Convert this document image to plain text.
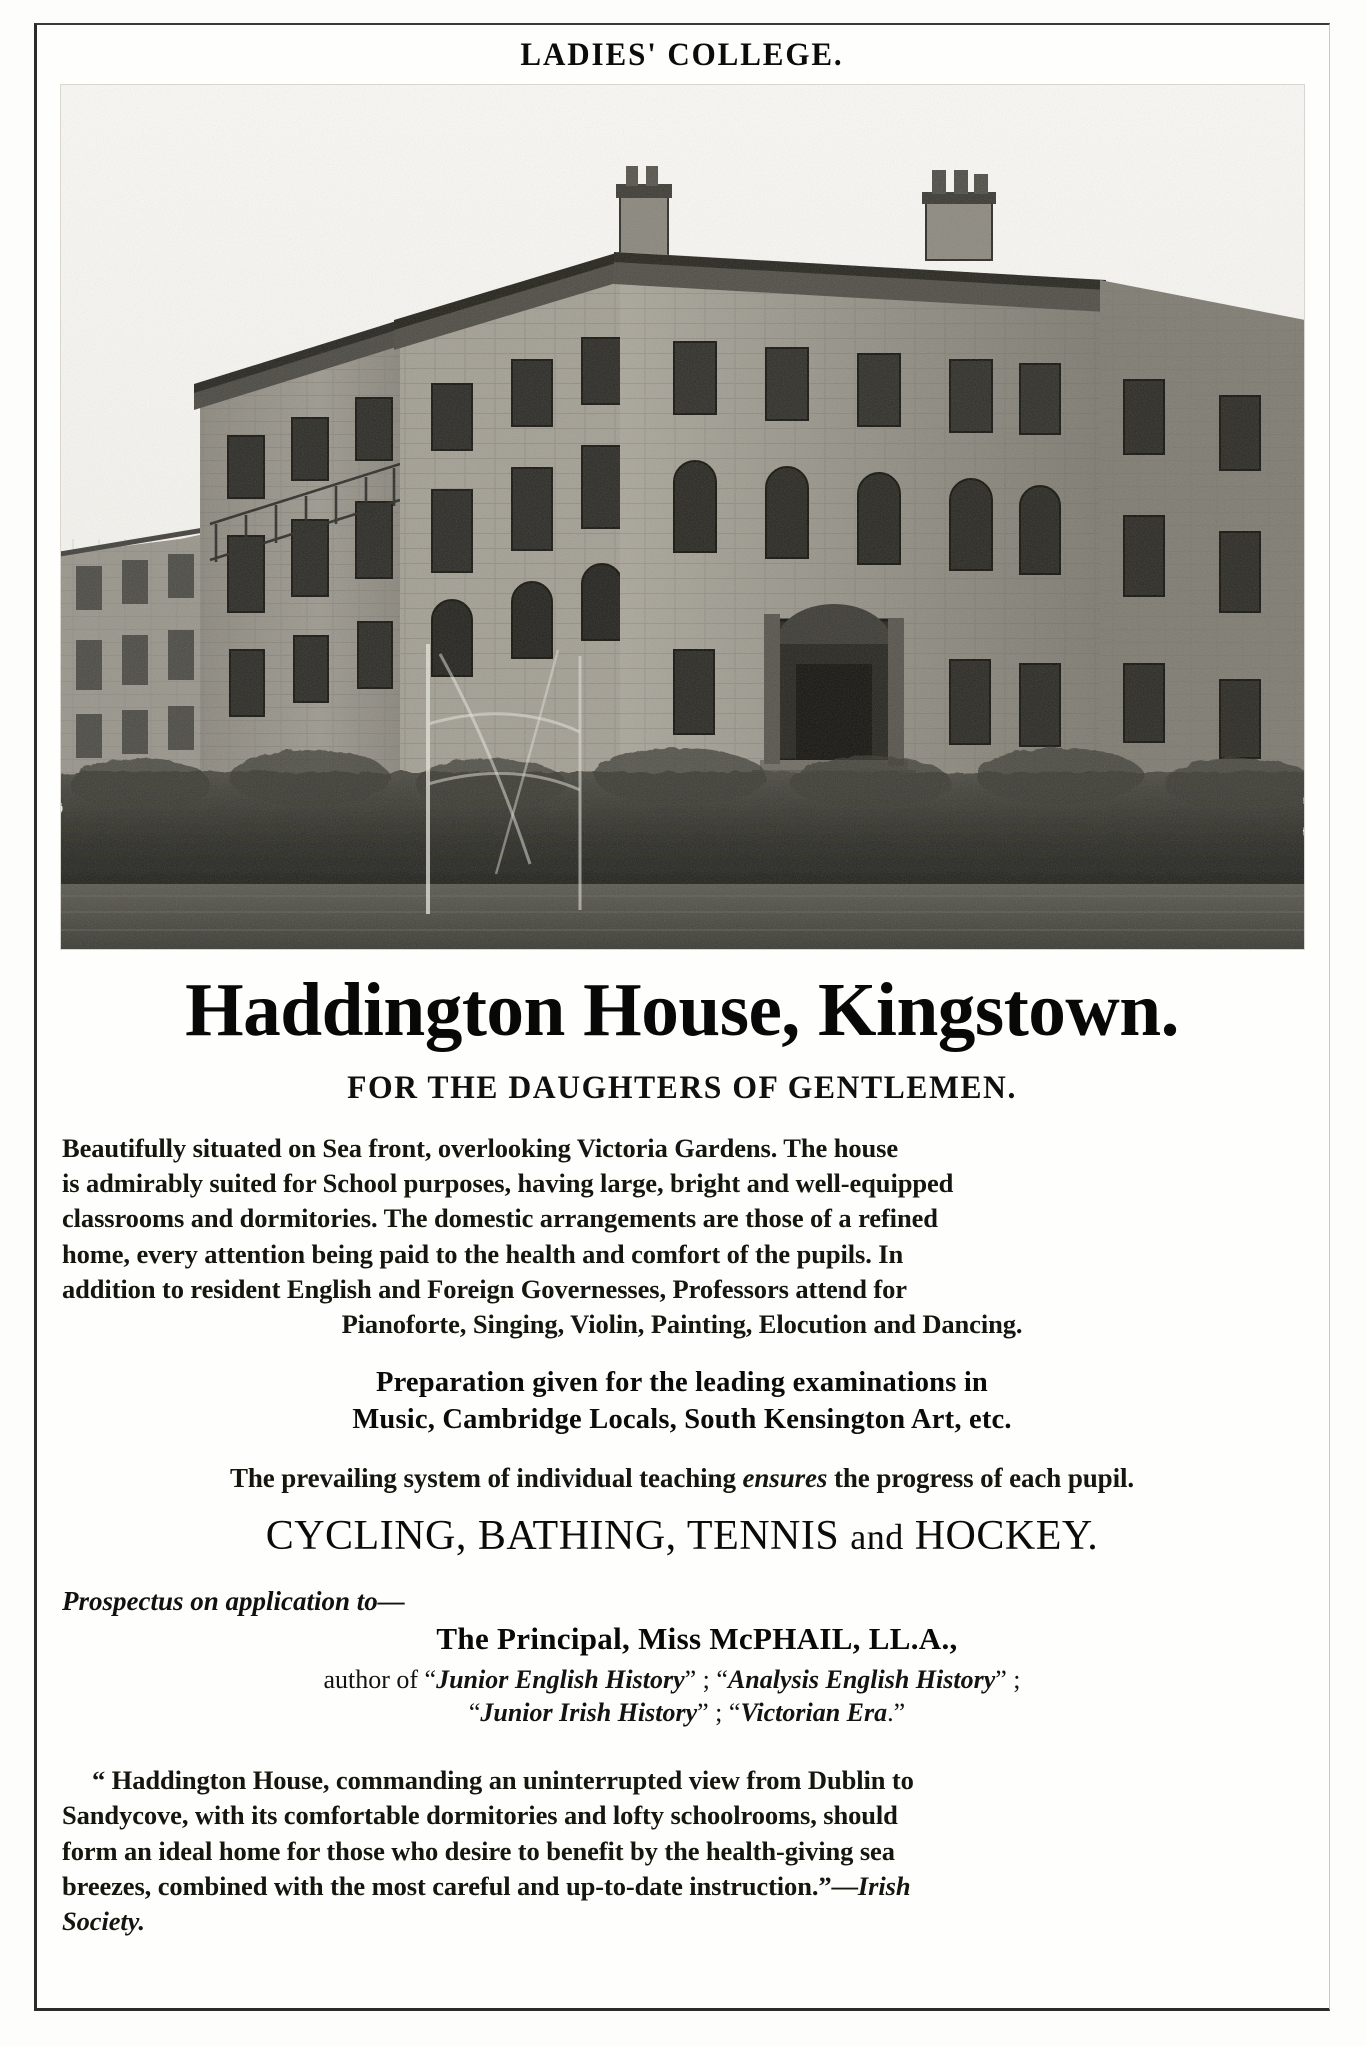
LADIES' COLLEGE.
Haddington House, Kingstown.
FOR THE DAUGHTERS OF GENTLEMEN.
Beautifully situated on Sea front, overlooking Victoria Gardens. The house
is admirably suited for School purposes, having large, bright and well-equipped
classrooms and dormitories. The domestic arrangements are those of a refined
home, every attention being paid to the health and comfort of the pupils. In
addition to resident English and Foreign Governesses, Professors attend for
Pianoforte, Singing, Violin, Painting, Elocution and Dancing.
Preparation given for the leading examinations in
Music, Cambridge Locals, South Kensington Art, etc.
The prevailing system of individual teaching ensures the progress of each pupil.
CYCLING, BATHING, TENNIS and HOCKEY.
Prospectus on application to—
The Principal, Miss McPHAIL, LL.A.,
author of “Junior English History” ; “Analysis English History” ;
“Junior Irish History” ; “Victorian Era.”
“ Haddington House, commanding an uninterrupted view from Dublin to
Sandycove, with its comfortable dormitories and lofty schoolrooms, should
form an ideal home for those who desire to benefit by the health-giving sea
breezes, combined with the most careful and up-to-date instruction.”—Irish
Society.
